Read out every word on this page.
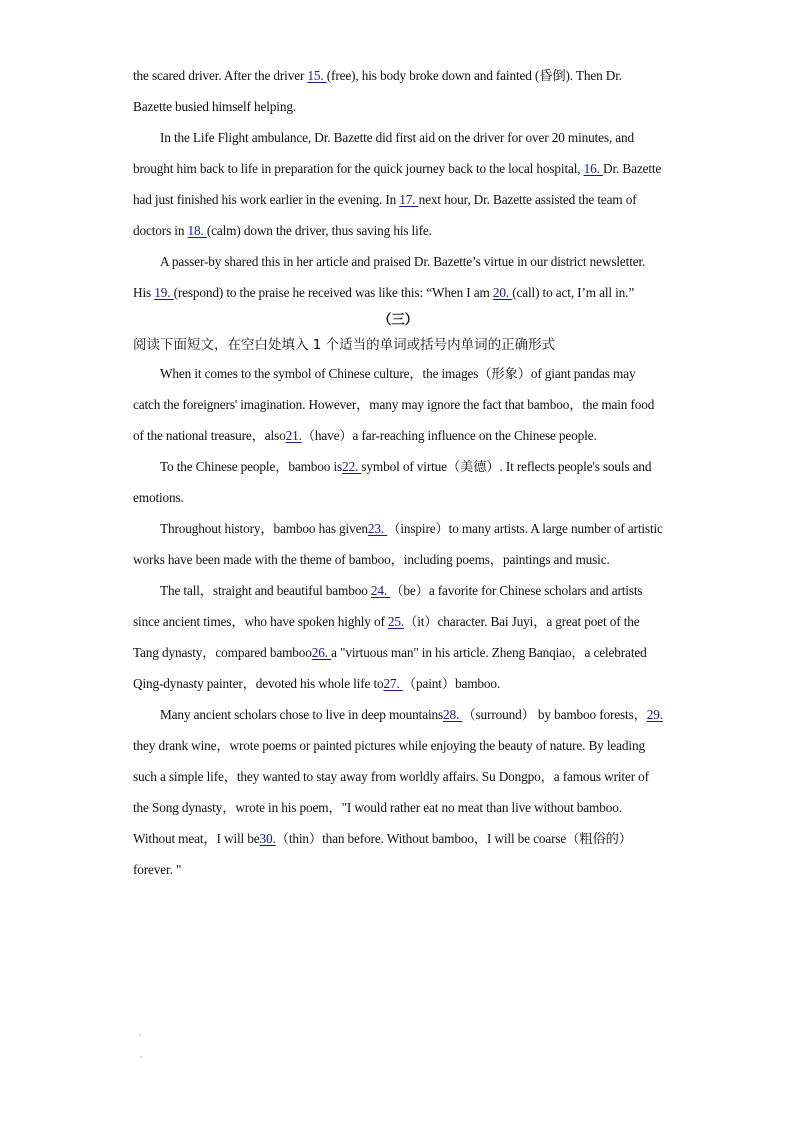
the scared driver. After the driver 15. (free), his body broke down and fainted (昏倒). Then Dr. Bazette busied himself helping.

In the Life Flight ambulance, Dr. Bazette did first aid on the driver for over 20 minutes, and brought him back to life in preparation for the quick journey back to the local hospital, 16. Dr. Bazette had just finished his work earlier in the evening. In 17. next hour, Dr. Bazette assisted the team of doctors in 18. (calm) down the driver, thus saving his life.

A passer-by shared this in her article and praised Dr. Bazette’s virtue in our district newsletter. His 19. (respond) to the praise he received was like this: “When I am 20. (call) to act, I’m all in.”

（三）

阅读下面短文，在空白处填入 1 个适当的单词或括号内单词的正确形式

When it comes to the symbol of Chinese culture，the images（形象）of giant pandas may catch the foreigners' imagination. However，many may ignore the fact that bamboo，the main food of the national treasure，also21.（have）a far-reaching influence on the Chinese people.

To the Chinese people，bamboo is22. symbol of virtue（美德）. It reflects people's souls and emotions.

Throughout history，bamboo has given23. （inspire）to many artists. A large number of artistic works have been made with the theme of bamboo，including poems，paintings and music.

The tall，straight and beautiful bamboo 24. （be）a favorite for Chinese scholars and artists since ancient times，who have spoken highly of 25.（it）character. Bai Juyi，a great poet of the Tang dynasty，compared bamboo26. a "virtuous man" in his article. Zheng Banqiao，a celebrated Qing-dynasty painter，devoted his whole life to27. （paint）bamboo.

Many ancient scholars chose to live in deep mountains28. （surround） by bamboo forests，29. they drank wine，wrote poems or painted pictures while enjoying the beauty of nature. By leading such a simple life，they wanted to stay away from worldly affairs. Su Dongpo，a famous writer of the Song dynasty，wrote in his poem，"I would rather eat no meat than live without bamboo. Without meat，I will be30.（thin）than before. Without bamboo，I will be coarse（粗俗的）forever. "
